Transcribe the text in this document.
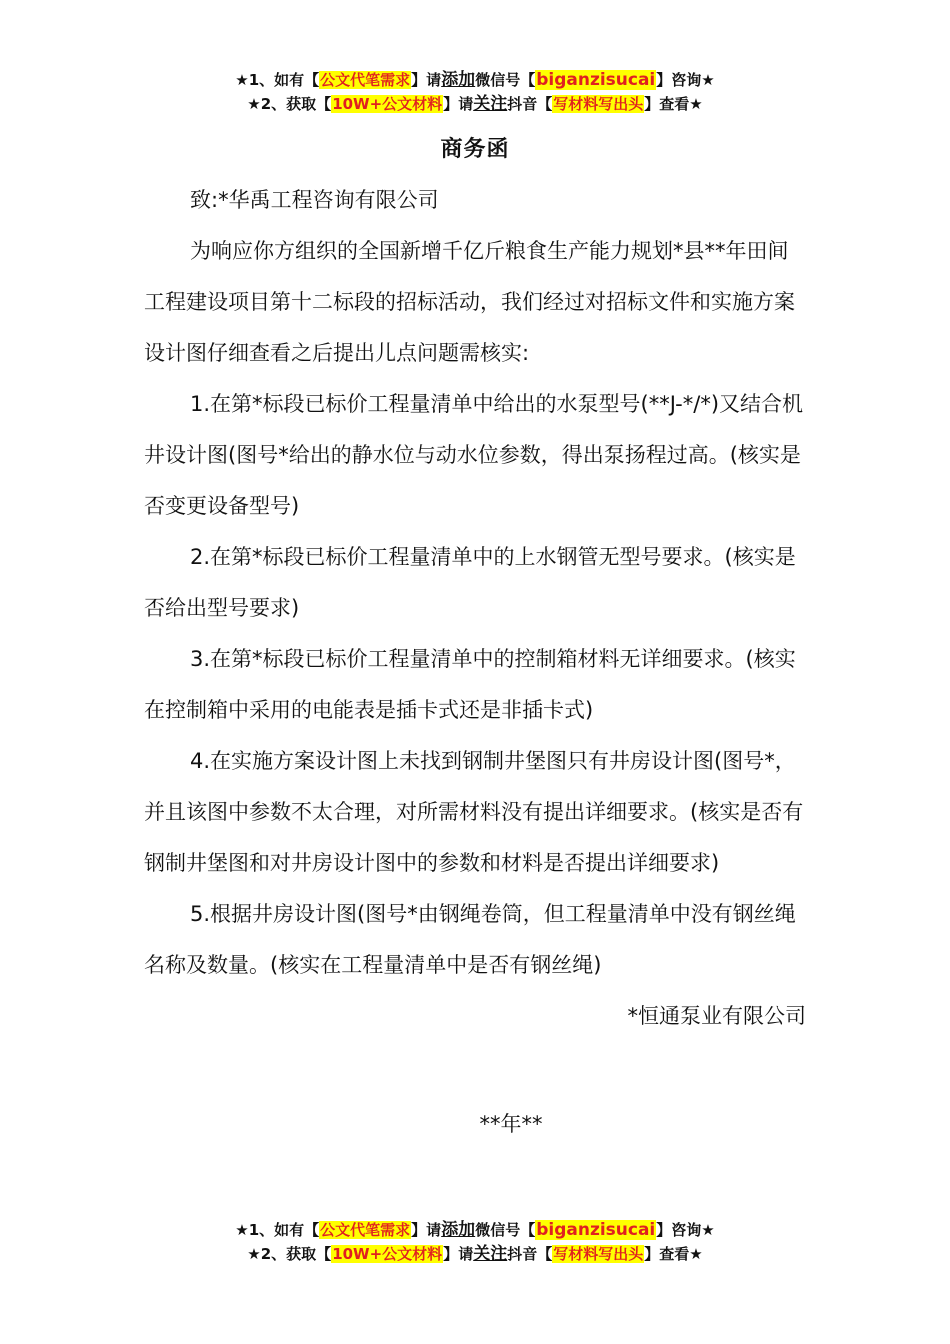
★1、如有【公文代笔需求】请添加微信号【biganzisucai】咨询★
★2、获取【10W+公文材料】请关注抖音【写材料写出头】查看★
商务函

致:*华禹工程咨询有限公司

为响应你方组织的全国新增千亿斤粮食生产能力规划*县**年田间工程建设项目第十二标段的招标活动，我们经过对招标文件和实施方案设计图仔细查看之后提出儿点问题需核实:

1.在第*标段已标价工程量清单中给出的水泵型号(**J-*/*)又结合机井设计图(图号*给出的静水位与动水位参数，得出泵扬程过高。(核实是否变更设备型号)

2.在第*标段已标价工程量清单中的上水钢管无型号要求。(核实是否给出型号要求)

3.在第*标段已标价工程量清单中的控制箱材料无详细要求。(核实在控制箱中采用的电能表是插卡式还是非插卡式)

4.在实施方案设计图上未找到钢制井堡图只有井房设计图(图号*，并且该图中参数不太合理，对所需材料没有提出详细要求。(核实是否有钢制井堡图和对井房设计图中的参数和材料是否提出详细要求)

5.根据井房设计图(图号*由钢绳卷筒，但工程量清单中没有钢丝绳名称及数量。(核实在工程量清单中是否有钢丝绳)

*恒通泵业有限公司

**年**
★1、如有【公文代笔需求】请添加微信号【biganzisucai】咨询★
★2、获取【10W+公文材料】请关注抖音【写材料写出头】查看★
